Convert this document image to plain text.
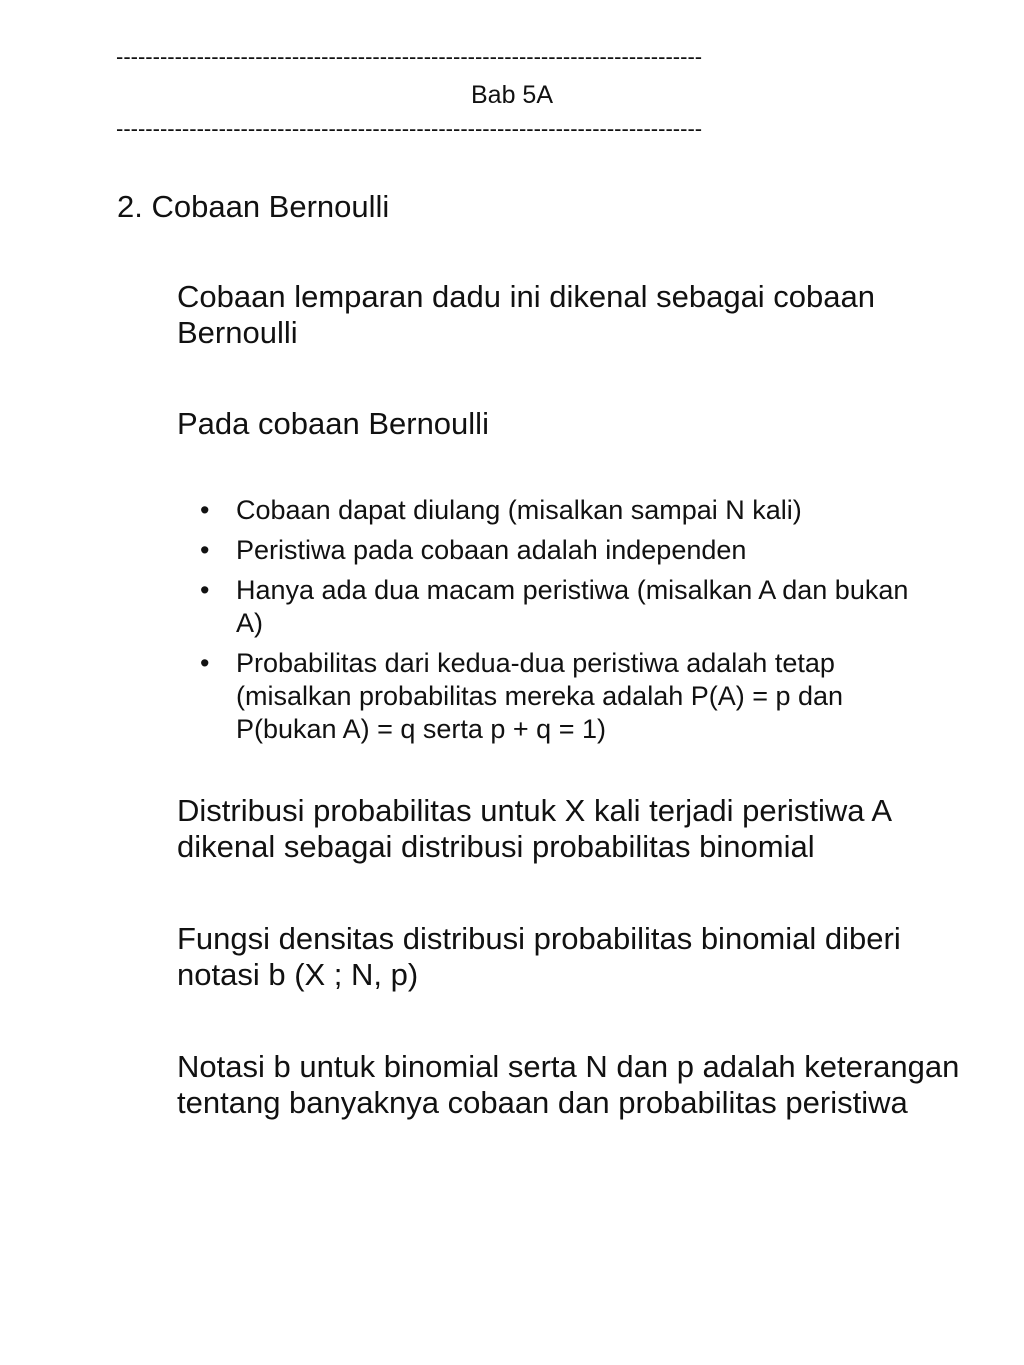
--------------------------------------------------------------------------------
Bab 5A
--------------------------------------------------------------------------------
2. Cobaan Bernoulli

Cobaan lemparan dadu ini dikenal sebagai cobaan Bernoulli

Pada cobaan Bernoulli

• Cobaan dapat diulang (misalkan sampai N kali)
• Peristiwa pada cobaan adalah independen
• Hanya ada dua macam peristiwa (misalkan A dan bukan A)
• Probabilitas dari kedua-dua peristiwa adalah tetap (misalkan probabilitas mereka adalah P(A) = p dan P(bukan A) = q serta p + q = 1)

Distribusi probabilitas untuk X kali terjadi peristiwa A dikenal sebagai distribusi probabilitas binomial

Fungsi densitas distribusi probabilitas binomial diberi notasi b (X ; N, p)

Notasi b untuk binomial serta N dan p adalah keterangan tentang banyaknya cobaan dan probabilitas peristiwa
